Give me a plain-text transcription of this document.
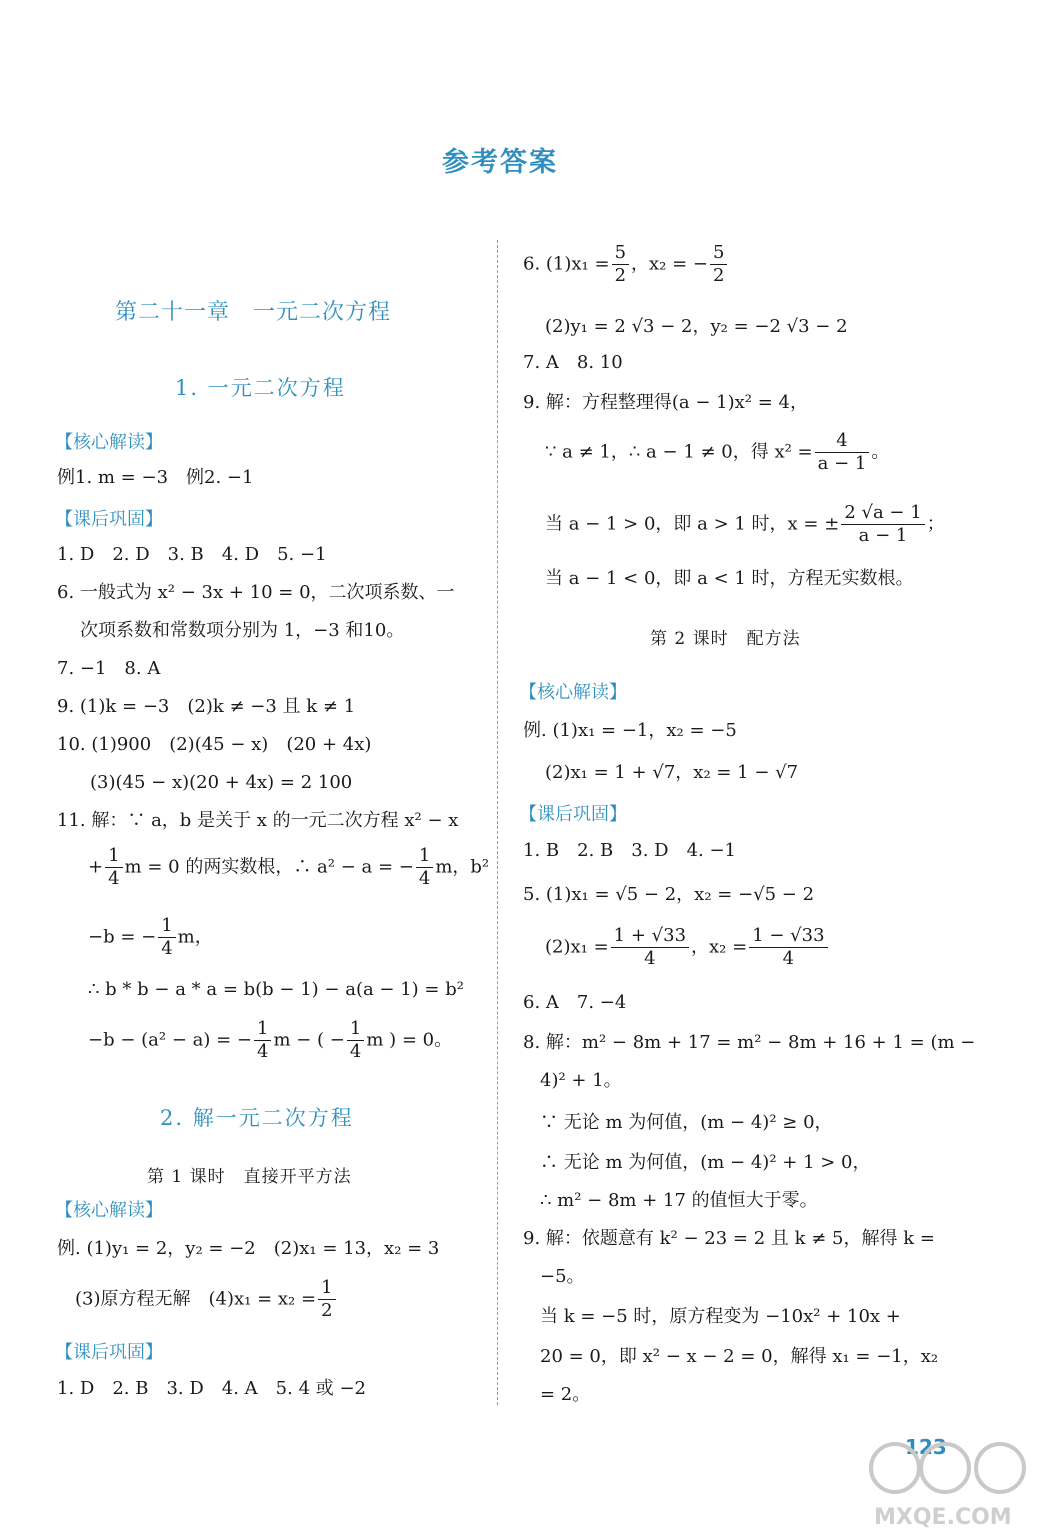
参考答案
第二十一章　一元二次方程
1. 一元二次方程
【核心解读】
例1. m = −3　例2. −1
【课后巩固】
1. D　2. D　3. B　4. D　5. −1
6. 一般式为 x² − 3x + 10 = 0，二次项系数、一
次项系数和常数项分别为 1，−3 和10。
7. −1　8. A
9. (1)k = −3　(2)k ≠ −3 且 k ≠ 1
10. (1)900　(2)(45 − x)　(20 + 4x)
(3)(45 − x)(20 + 4x) = 2 100
11. 解：∵ a，b 是关于 x 的一元二次方程 x² − x
+ $\frac{1}{4}$ m = 0 的两实数根，∴ a² − a = − $\frac{1}{4}$ m，b²
−b = − $\frac{1}{4}$ m，
∴ b * b − a * a = b(b − 1) − a(a − 1) = b²
−b − (a² − a) = − $\frac{1}{4}$ m − ( − $\frac{1}{4}$ m ) = 0。
2. 解一元二次方程
第 1 课时　直接开平方法
【核心解读】
例. (1)y₁ = 2，y₂ = −2　(2)x₁ = 13，x₂ = 3
(3)原方程无解　$(4)x_1 = x_2 = \frac{1}{2}$
【课后巩固】
1. D　2. B　3. D　4. A　5. 4 或 −2
6. $(1)x_1 = \frac{5}{2}$ ，x₂ = − $\frac{5}{2}$
(2)y₁ = 2 √3 − 2，y₂ = −2 √3 − 2
7. A　8. 10
9. 解：方程整理得(a − 1)x² = 4，
∵ a ≠ 1，∴ a − 1 ≠ 0，得 $x^2 = \frac{4}{a - 1}$ 。
当 a − 1 > 0，即 a > 1 时，x = ± $\frac{2 √a - 1}{a - 1}$ ；
当 a − 1 < 0，即 a < 1 时，方程无实数根。
第 2 课时　配方法
【核心解读】
例. (1)x₁ = −1，x₂ = −5
(2)x₁ = 1 + √7，x₂ = 1 − √7
【课后巩固】
1. B　2. B　3. D　4. −1
5. (1)x₁ = √5 − 2，x₂ = −√5 − 2
$(2)x_1 = \frac{1 + √33}{4}$ ，$x_2 = \frac{1 - √33}{4}$
6. A　7. −4
8. 解：m² − 8m + 17 = m² − 8m + 16 + 1 = (m −
4)² + 1。
∵ 无论 m 为何值，(m − 4)² ≥ 0，
∴ 无论 m 为何值，(m − 4)² + 1 > 0，
∴ m² − 8m + 17 的值恒大于零。
9. 解：依题意有 k² − 23 = 2 且 k ≠ 5，解得 k =
−5。
当 k = −5 时，原方程变为 −10x² + 10x +
20 = 0，即 x² − x − 2 = 0，解得 x₁ = −1，x₂
= 2。
123
MXQE.COM
